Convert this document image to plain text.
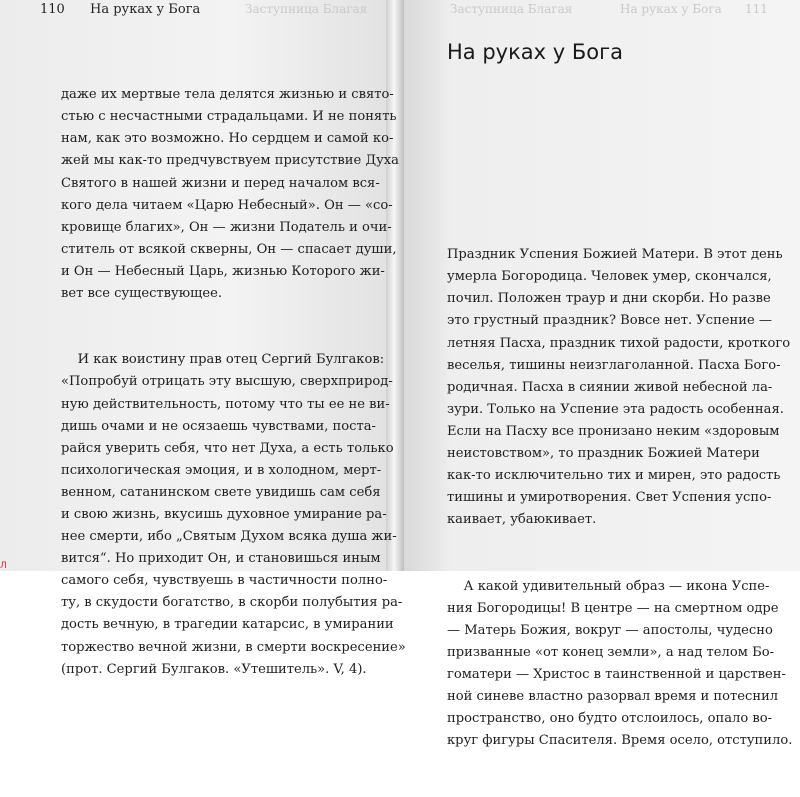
110 На руках у Бога	Заступница Благая

даже их мертвые тела делятся жизнью и свято-
стью с несчастными страдальцами. И не понять
нам, как это возможно. Но сердцем и самой ко-
жей мы как-то предчувствуем присутствие Духа
Святого в нашей жизни и перед началом вся-
кого дела читаем «Царю Небесный». Он — «со-
кровище благих», Он — жизни Податель и очи-
ститель от всякой скверны, Он — спасает души,
и Он — Небесный Царь, жизнью Которого жи-
вет все существующее.

И как воистину прав отец Сергий Булгаков:
«Попробуй отрицать эту высшую, сверхприрод-
ную действительность, потому что ты ее не ви-
дишь очами и не осязаешь чувствами, поста-
райся уверить себя, что нет Духа, а есть только
психологическая эмоция, и в холодном, мерт-
венном, сатанинском свете увидишь сам себя
и свою жизнь, вкусишь духовное умирание ра-
нее смерти, ибо „Святым Духом всяка душа жи-
вится“. Но приходит Он, и становишься иным
самого себя, чувствуешь в частичности полно-
ту, в скудости богатство, в скорби полубытия ра-
дость вечную, в трагедии катарсис, в умирании
торжество вечной жизни, в смерти воскресение»
(прот. Сергий Булгаков. «Утешитель». V, 4).

Заступница Благая	На руках у Бога 111
На руках у Бога

Праздник Успения Божией Матери. В этот день
умерла Богородица. Человек умер, скончался,
почил. Положен траур и дни скорби. Но разве
это грустный праздник? Вовсе нет. Успение —
летняя Пасха, праздник тихой радости, кроткого
веселья, тишины неизглаголанной. Пасха Бого-
родичная. Пасха в сиянии живой небесной ла-
зури. Только на Успение эта радость особенная.
Если на Пасху все пронизано неким «здоровым
неистовством», то праздник Божией Матери
как-то исключительно тих и мирен, это радость
тишины и умиротворения. Свет Успения успо-
каивает, убаюкивает.

А какой удивительный образ — икона Успе-
ния Богородицы! В центре — на смертном одре
— Матерь Божия, вокруг — апостолы, чудесно
призванные «от конец земли», а над телом Бо-
гоматери — Христос в таинственной и царствен-
ной синеве властно разорвал время и потеснил
пространство, оно будто отслоилось, опало во-
круг фигуры Спасителя. Время осело, отступило.

Л
